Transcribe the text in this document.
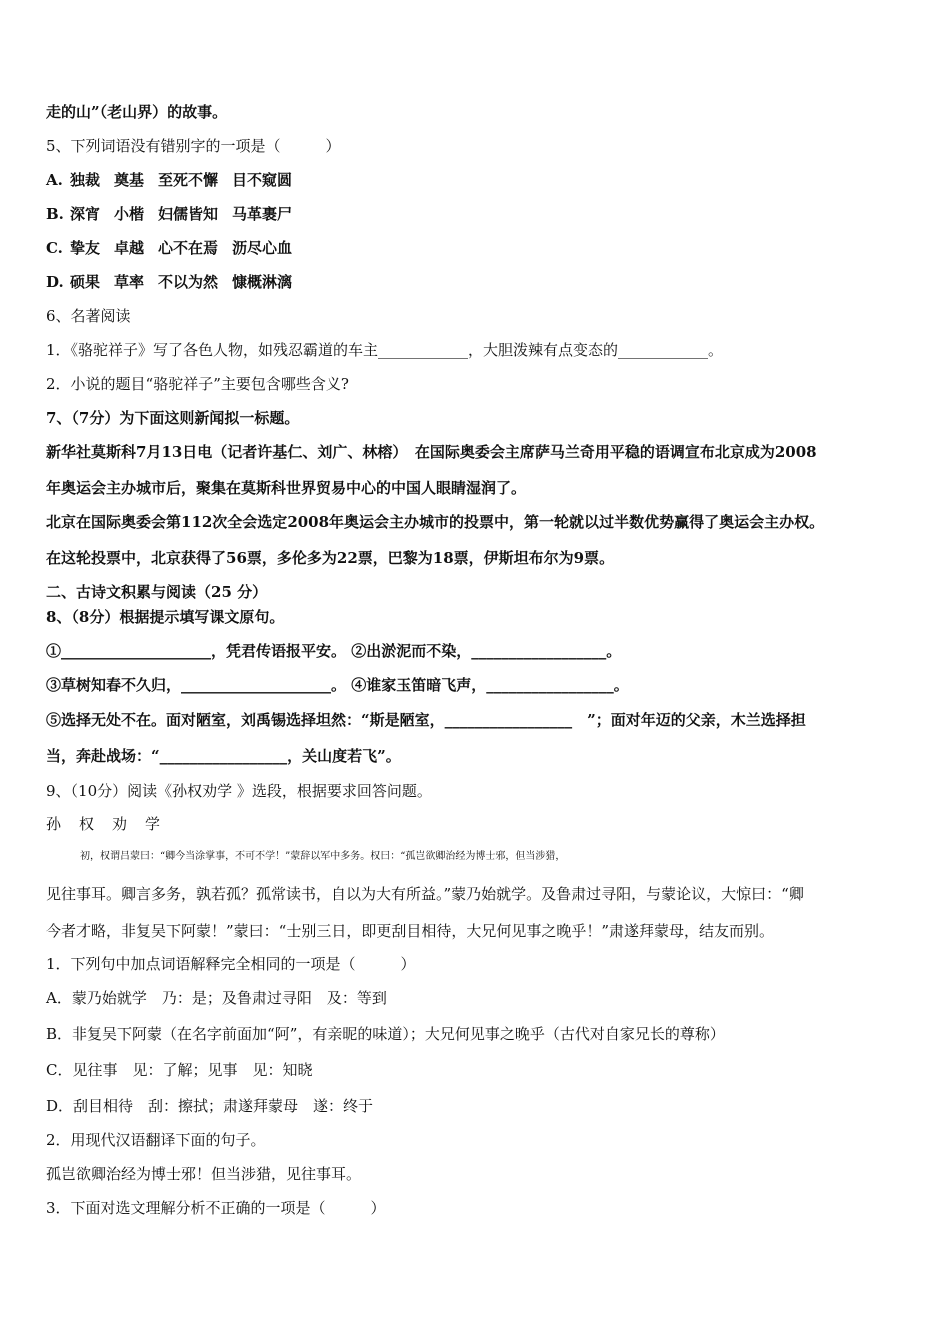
走的山”（老山界）的故事。
5、下列词语没有错别字的一项是（　　　）
A. 独裁 奠基 至死不懈 目不窥圆
B. 深宵 小楷 妇儒皆知 马革裹尸
C. 挚友 卓越 心不在焉 沥尽心血
D. 硕果 草率 不以为然 慷概淋漓
6、名著阅读
1．《骆驼祥子》写了各色人物，如残忍霸道的车主____________，大胆泼辣有点变态的____________。
2．小说的题目“骆驼祥子”主要包含哪些含义?
7、（7分）为下面这则新闻拟一标题。
新华社莫斯科7月13日电（记者许基仁、刘广、林榕）　在国际奥委会主席萨马兰奇用平稳的语调宣布北京成为2008
年奥运会主办城市后，聚集在莫斯科世界贸易中心的中国人眼睛湿润了。
北京在国际奥委会第112次全会选定2008年奥运会主办城市的投票中，第一轮就以过半数优势赢得了奥运会主办权。
在这轮投票中，北京获得了56票，多伦多为22票，巴黎为18票，伊斯坦布尔为9票。
二、古诗文积累与阅读（25 分）
8、（8分）根据提示填写课文原句。
①____________________，凭君传语报平安。 ②出淤泥而不染，__________________。
③草树知春不久归，____________________。 ④谁家玉笛暗飞声，_________________。
⑤选择无处不在。面对陋室，刘禹锡选择坦然：“斯是陋室，_________________　”；面对年迈的父亲，木兰选择担
当，奔赴战场：“_________________，关山度若飞”。
9、（10分）阅读《孙权劝学 》选段，根据要求回答问题。
孙权劝学
初，权谓吕蒙曰：“卿今当涂掌事，不可不学！”蒙辞以军中多务。权曰：“孤岂欲卿治经为博士邪，但当涉猎，
见往事耳。卿言多务，孰若孤？孤常读书，自以为大有所益。”蒙乃始就学。及鲁肃过寻阳，与蒙论议，大惊曰：“卿
今者才略，非复吴下阿蒙！”蒙曰：“士别三日，即更刮目相待，大兄何见事之晚乎！”肃遂拜蒙母，结友而别。
1．下列句中加点词语解释完全相同的一项是（　　　）
A．蒙乃始就学　乃：是；及鲁肃过寻阳　及：等到
B．非复吴下阿蒙（在名字前面加“阿”，有亲昵的味道）；大兄何见事之晚乎（古代对自家兄长的尊称）
C．见往事　见：了解；见事　见：知晓
D．刮目相待　刮：擦拭；肃遂拜蒙母　遂：终于
2．用现代汉语翻译下面的句子。
孤岂欲卿治经为博士邪！但当涉猎，见往事耳。
3．下面对选文理解分析不正确的一项是（　　　）
